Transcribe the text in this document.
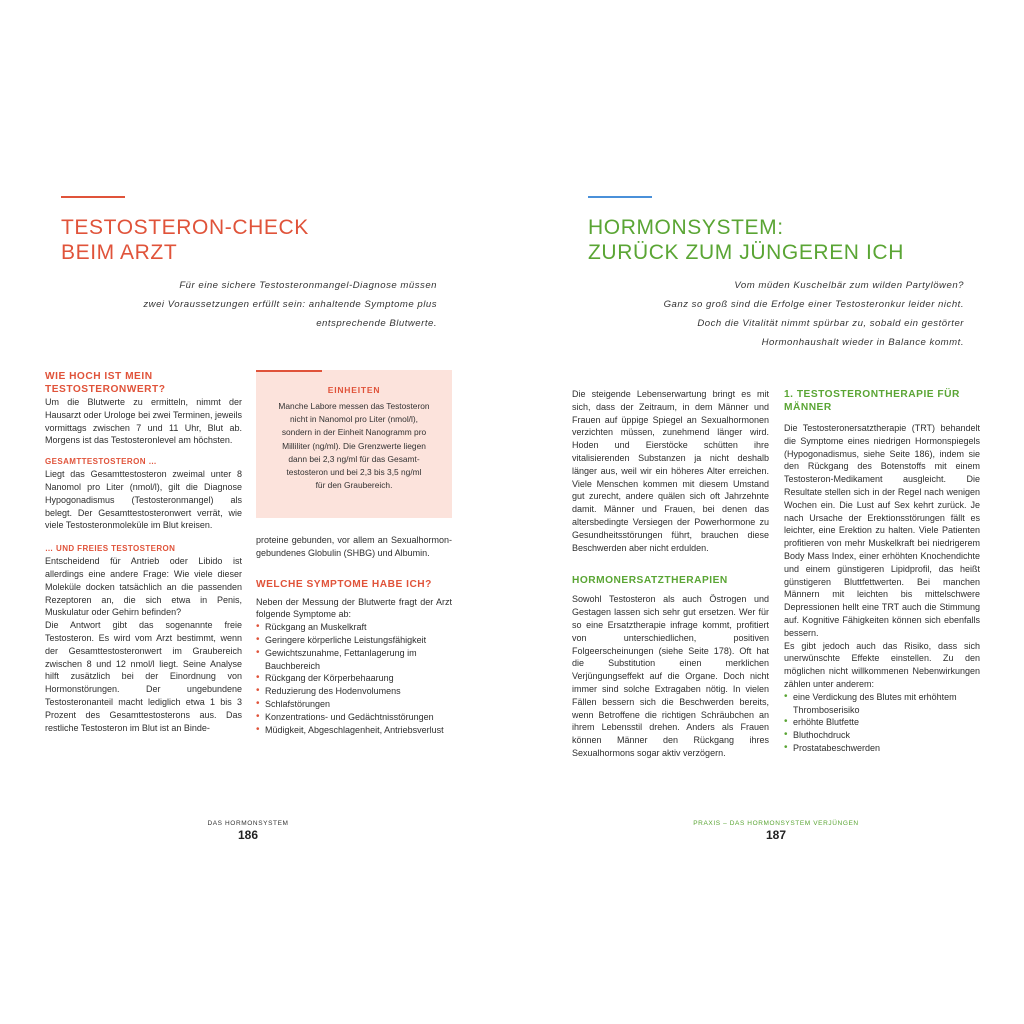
TESTOSTERON-CHECK
BEIM ARZT

Für eine sichere Testosteronmangel-Diagnose müssen

zwei Voraussetzungen erfüllt sein: anhaltende Symptome plus

entsprechende Blutwerte.

WIE HOCH IST MEIN

TESTOSTERONWERT?

Um die Blutwerte zu ermitteln, nimmt der Hausarzt oder Urologe bei zwei Terminen, jeweils vormittags zwischen 7 und 11 Uhr, Blut ab. Morgens ist das Testosteronlevel am höchsten.

GESAMTTESTOSTERON …

Liegt das Gesamttestosteron zweimal unter 8 Nanomol pro Liter (nmol/l), gilt die Diagnose Hypogonadismus (Testosteronmangel) als belegt. Der Gesamttestosteronwert verrät, wie viele Testosteronmoleküle im Blut kreisen.

… UND FREIES TESTOSTERON

Entscheidend für Antrieb oder Libido ist allerdings eine andere Frage: Wie viele dieser Moleküle docken tatsächlich an die passenden Rezeptoren an, die sich etwa in Penis, Muskulatur oder Gehirn befinden?

Die Antwort gibt das sogenannte freie Testosteron. Es wird vom Arzt bestimmt, wenn der Gesamttestosteronwert im Graubereich zwischen 8 und 12 nmol/l liegt. Seine Analyse hilft zusätzlich bei der Einordnung von Hormonstörungen. Der ungebundene Testosteronanteil macht lediglich etwa 1 bis 3 Prozent des Gesamttestosterons aus. Das restliche Testosteron im Blut ist an Binde-

EINHEITEN

Manche Labore messen das Testosteron

nicht in Nanomol pro Liter (nmol/l),

sondern in der Einheit Nanogramm pro

Milliliter (ng/ml). Die Grenzwerte liegen

dann bei 2,3 ng/ml für das Gesamt-

testosteron und bei 2,3 bis 3,5 ng/ml

für den Graubereich.

proteine gebunden, vor allem an Sexualhormon-gebundenes Globulin (SHBG) und Albumin.

WELCHE SYMPTOME HABE ICH?

Neben der Messung der Blutwerte fragt der Arzt folgende Symptome ab:

• Rückgang an Muskelkraft
• Geringere körperliche Leistungsfähigkeit
• Gewichtszunahme, Fettanlagerung im Bauchbereich
• Rückgang der Körperbehaarung
• Reduzierung des Hodenvolumens
• Schlafstörungen
• Konzentrations- und Gedächtnisstörungen
• Müdigkeit, Abgeschlagenheit, Antriebsverlust
DAS HORMONSYSTEM
186
HORMONSYSTEM:
ZURÜCK ZUM JÜNGEREN ICH

Vom müden Kuschelbär zum wilden Partylöwen?

Ganz so groß sind die Erfolge einer Testosteronkur leider nicht.

Doch die Vitalität nimmt spürbar zu, sobald ein gestörter

Hormonhaushalt wieder in Balance kommt.

Die steigende Lebenserwartung bringt es mit sich, dass der Zeitraum, in dem Männer und Frauen auf üppige Spiegel an Sexualhormonen verzichten müssen, zunehmend länger wird. Hoden und Eierstöcke schütten ihre vitalisierenden Substanzen ja nicht deshalb länger aus, weil wir ein höheres Alter erreichen. Viele Menschen kommen mit diesem Umstand gut zurecht, andere quälen sich oft Jahrzehnte damit. Männer und Frauen, bei denen das altersbedingte Versiegen der Powerhormone zu Gesundheitsstörungen führt, brauchen diese Beschwerden aber nicht erdulden.

HORMONERSATZTHERAPIEN

Sowohl Testosteron als auch Östrogen und Gestagen lassen sich sehr gut ersetzen. Wer für so eine Ersatztherapie infrage kommt, profitiert von unterschiedlichen, positiven Folgeerscheinungen (siehe Seite 178). Oft hat die Substitution einen merklichen Verjüngungseffekt auf die Organe. Doch nicht immer sind solche Extragaben nötig. In vielen Fällen bessern sich die Beschwerden bereits, wenn Betroffene die richtigen Schräubchen an ihrem Lebensstil drehen. Anders als Frauen können Männer den Rückgang ihres Sexualhormons sogar aktiv verzögern.

1. TESTOSTERONTHERAPIE FÜR

MÄNNER

Die Testosteronersatztherapie (TRT) behandelt die Symptome eines niedrigen Hormonspiegels (Hypogonadismus, siehe Seite 186), indem sie den Rückgang des Botenstoffs mit einem Testosteron-Medikament ausgleicht. Die Resultate stellen sich in der Regel nach wenigen Wochen ein. Die Lust auf Sex kehrt zurück. Je nach Ursache der Erektionsstörungen fällt es leichter, eine Erektion zu halten. Viele Patienten profitieren von mehr Muskelkraft bei niedrigerem Body Mass Index, einer erhöhten Knochendichte und einem günstigeren Lipidprofil, das heißt günstigeren Bluttfettwerten. Bei manchen Männern mit leichten bis mittelschwere Depressionen hellt eine TRT auch die Stimmung auf. Kognitive Fähigkeiten können sich ebenfalls bessern.

Es gibt jedoch auch das Risiko, dass sich unerwünschte Effekte einstellen. Zu den möglichen nicht willkommenen Nebenwirkungen zählen unter anderem:

• eine Verdickung des Blutes mit erhöhtem Thromboserisiko
• erhöhte Blutfette
• Bluthochdruck
• Prostatabeschwerden
PRAXIS – DAS HORMONSYSTEM VERJÜNGEN
187
